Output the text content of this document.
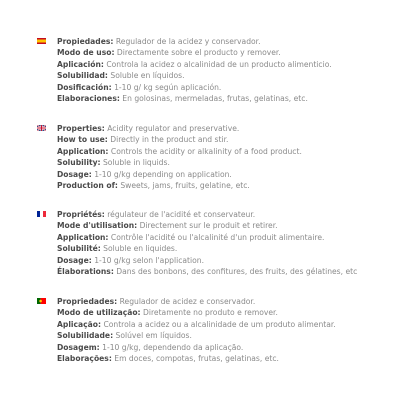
Propiedades: Regulador de la acidez y conservador.
Modo de uso: Directamente sobre el producto y remover.
Aplicación: Controla la acidez o alcalinidad de un producto alimenticio.
Solubilidad: Soluble en líquidos.
Dosificación: 1-10 g/ kg según aplicación.
Elaboraciones: En golosinas, mermeladas, frutas, gelatinas, etc.
Properties: Acidity regulator and preservative.
How to use: Directly in the product and stir.
Application: Controls the acidity or alkalinity of a food product.
Solubility: Soluble in liquids.
Dosage: 1-10 g/kg depending on application.
Production of: Sweets, jams, fruits, gelatine, etc.
Propriétés: régulateur de l'acidité et conservateur.
Mode d'utilisation: Directement sur le produit et retirer.
Application: Contrôle l'acidité ou l'alcalinité d'un produit alimentaire.
Solubilité: Soluble en liquides.
Dosage: 1-10 g/kg selon l'application.
Élaborations: Dans des bonbons, des confitures, des fruits, des gélatines, etc
Propriedades: Regulador de acidez e conservador.
Modo de utilização: Diretamente no produto e remover.
Aplicação: Controla a acidez ou a alcalinidade de um produto alimentar.
Solubilidade: Solúvel em líquidos.
Dosagem: 1-10 g/kg, dependendo da aplicação.
Elaborações: Em doces, compotas, frutas, gelatinas, etc.
